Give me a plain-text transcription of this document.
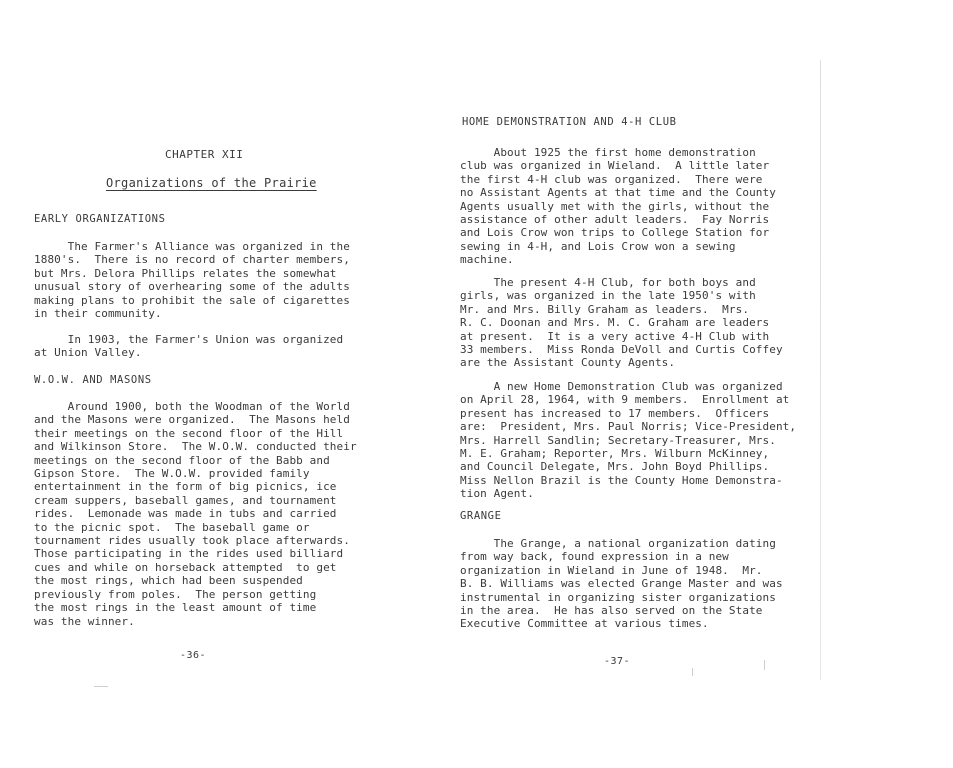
CHAPTER XII
Organizations of the Prairie
EARLY ORGANIZATIONS
The Farmer's Alliance was organized in the
1880's.  There is no record of charter members,
but Mrs. Delora Phillips relates the somewhat
unusual story of overhearing some of the adults
making plans to prohibit the sale of cigarettes
in their community.
In 1903, the Farmer's Union was organized
at Union Valley.
W.O.W. AND MASONS
Around 1900, both the Woodman of the World
and the Masons were organized.  The Masons held
their meetings on the second floor of the Hill
and Wilkinson Store.  The W.O.W. conducted their
meetings on the second floor of the Babb and
Gipson Store.  The W.O.W. provided family
entertainment in the form of big picnics, ice
cream suppers, baseball games, and tournament
rides.  Lemonade was made in tubs and carried
to the picnic spot.  The baseball game or
tournament rides usually took place afterwards.
Those participating in the rides used billiard
cues and while on horseback attempted  to get
the most rings, which had been suspended
previously from poles.  The person getting
the most rings in the least amount of time
was the winner.
-36-
HOME DEMONSTRATION AND 4-H CLUB
About 1925 the first home demonstration
club was organized in Wieland.  A little later
the first 4-H club was organized.  There were
no Assistant Agents at that time and the County
Agents usually met with the girls, without the
assistance of other adult leaders.  Fay Norris
and Lois Crow won trips to College Station for
sewing in 4-H, and Lois Crow won a sewing
machine.
The present 4-H Club, for both boys and
girls, was organized in the late 1950's with
Mr. and Mrs. Billy Graham as leaders.  Mrs.
R. C. Doonan and Mrs. M. C. Graham are leaders
at present.  It is a very active 4-H Club with
33 members.  Miss Ronda DeVoll and Curtis Coffey
are the Assistant County Agents.
A new Home Demonstration Club was organized
on April 28, 1964, with 9 members.  Enrollment at
present has increased to 17 members.  Officers
are:  President, Mrs. Paul Norris; Vice-President,
Mrs. Harrell Sandlin; Secretary-Treasurer, Mrs.
M. E. Graham; Reporter, Mrs. Wilburn McKinney,
and Council Delegate, Mrs. John Boyd Phillips.
Miss Nellon Brazil is the County Home Demonstra-
tion Agent.
GRANGE
The Grange, a national organization dating
from way back, found expression in a new
organization in Wieland in June of 1948.  Mr.
B. B. Williams was elected Grange Master and was
instrumental in organizing sister organizations
in the area.  He has also served on the State
Executive Committee at various times.
-37-
